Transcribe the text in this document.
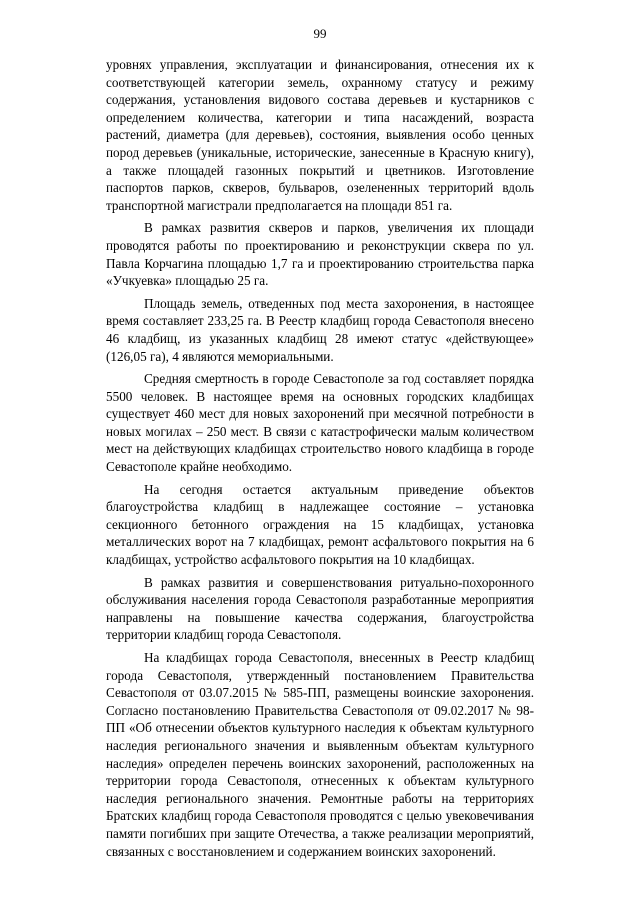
99

уровнях управления, эксплуатации и финансирования, отнесения их к соответствующей категории земель, охранному статусу и режиму содержания, установления видового состава деревьев и кустарников с определением количества, категории и типа насаждений, возраста растений, диаметра (для деревьев), состояния, выявления особо ценных пород деревьев (уникальные, исторические, занесенные в Красную книгу), а также площадей газонных покрытий и цветников. Изготовление паспортов парков, скверов, бульваров, озелененных территорий вдоль транспортной магистрали предполагается на площади 851 га.

В рамках развития скверов и парков, увеличения их площади проводятся работы по проектированию и реконструкции сквера по ул. Павла Корчагина площадью 1,7 га и проектированию строительства парка «Учкуевка» площадью 25 га.

Площадь земель, отведенных под места захоронения, в настоящее время составляет 233,25 га. В Реестр кладбищ города Севастополя внесено 46 кладбищ, из указанных кладбищ 28 имеют статус «действующее» (126,05 га), 4 являются мемориальными.

Средняя смертность в городе Севастополе за год составляет порядка 5500 человек. В настоящее время на основных городских кладбищах существует 460 мест для новых захоронений при месячной потребности в новых могилах – 250 мест. В связи с катастрофически малым количеством мест на действующих кладбищах строительство нового кладбища в городе Севастополе крайне необходимо.

На сегодня остается актуальным приведение объектов благоустройства кладбищ в надлежащее состояние – установка секционного бетонного ограждения на 15 кладбищах, установка металлических ворот на 7 кладбищах, ремонт асфальтового покрытия на 6 кладбищах, устройство асфальтового покрытия на 10 кладбищах.

В рамках развития и совершенствования ритуально-похоронного обслуживания населения города Севастополя разработанные мероприятия направлены на повышение качества содержания, благоустройства территории кладбищ города Севастополя.

На кладбищах города Севастополя, внесенных в Реестр кладбищ города Севастополя, утвержденный постановлением Правительства Севастополя от 03.07.2015 № 585-ПП, размещены воинские захоронения. Согласно постановлению Правительства Севастополя от 09.02.2017 № 98-ПП «Об отнесении объектов культурного наследия к объектам культурного наследия регионального значения и выявленным объектам культурного наследия» определен перечень воинских захоронений, расположенных на территории города Севастополя, отнесенных к объектам культурного наследия регионального значения. Ремонтные работы на территориях Братских кладбищ города Севастополя проводятся с целью увековечивания памяти погибших при защите Отечества, а также реализации мероприятий, связанных с восстановлением и содержанием воинских захоронений.
